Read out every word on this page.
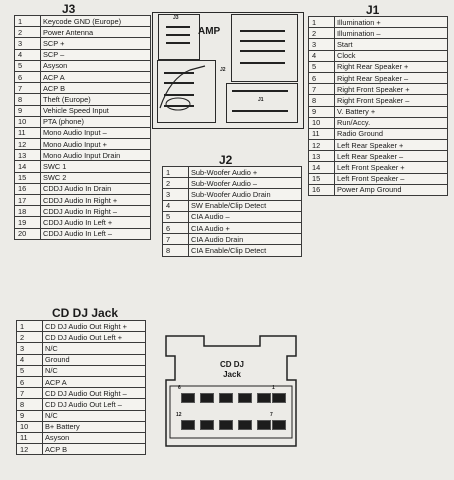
J3
1	Keycode GND (Europe)
2	Power Antenna
3	SCP +
4	SCP –
5	Asyson
6	ACP A
7	ACP B
8	Theft (Europe)
9	Vehicle Speed Input
10	PTA (phone)
11	Mono Audio Input –
12	Mono Audio Input +
13	Mono Audio Input Drain
14	SWC 1
15	SWC 2
16	CDDJ Audio In Drain
17	CDDJ Audio In Right +
18	CDDJ Audio In Right –
19	CDDJ Audio In Left +
20	CDDJ Audio In Left –
J1
1	Illumination +
2	Illumination –
3	Start
4	Clock
5	Right Rear Speaker +
6	Right Rear Speaker –
7	Right Front Speaker +
8	Right Front Speaker –
9	V. Battery +
10	Run/Accy.
11	Radio Ground
12	Left Rear Speaker +
13	Left Rear Speaker –
14	Left Front Speaker +
15	Left Front Speaker –
16	Power Amp Ground
J2
1	Sub-Woofer Audio +
2	Sub-Woofer Audio –
3	Sub-Woofer Audio Drain
4	SW Enable/Clip Detect
5	CIA Audio –
6	CIA Audio +
7	CIA Audio Drain
8	CIA Enable/Clip Detect
CD DJ Jack
1	CD DJ Audio Out Right +
2	CD DJ Audio Out Left +
3	N/C
4	Ground
5	N/C
6	ACP A
7	CD DJ Audio Out Right –
8	CD DJ Audio Out Left –
9	N/C
10	B+ Battery
11	Asyson
12	ACP B
J3
AMP
J1
J2
CD DJ
Jack
6	1
12	7
